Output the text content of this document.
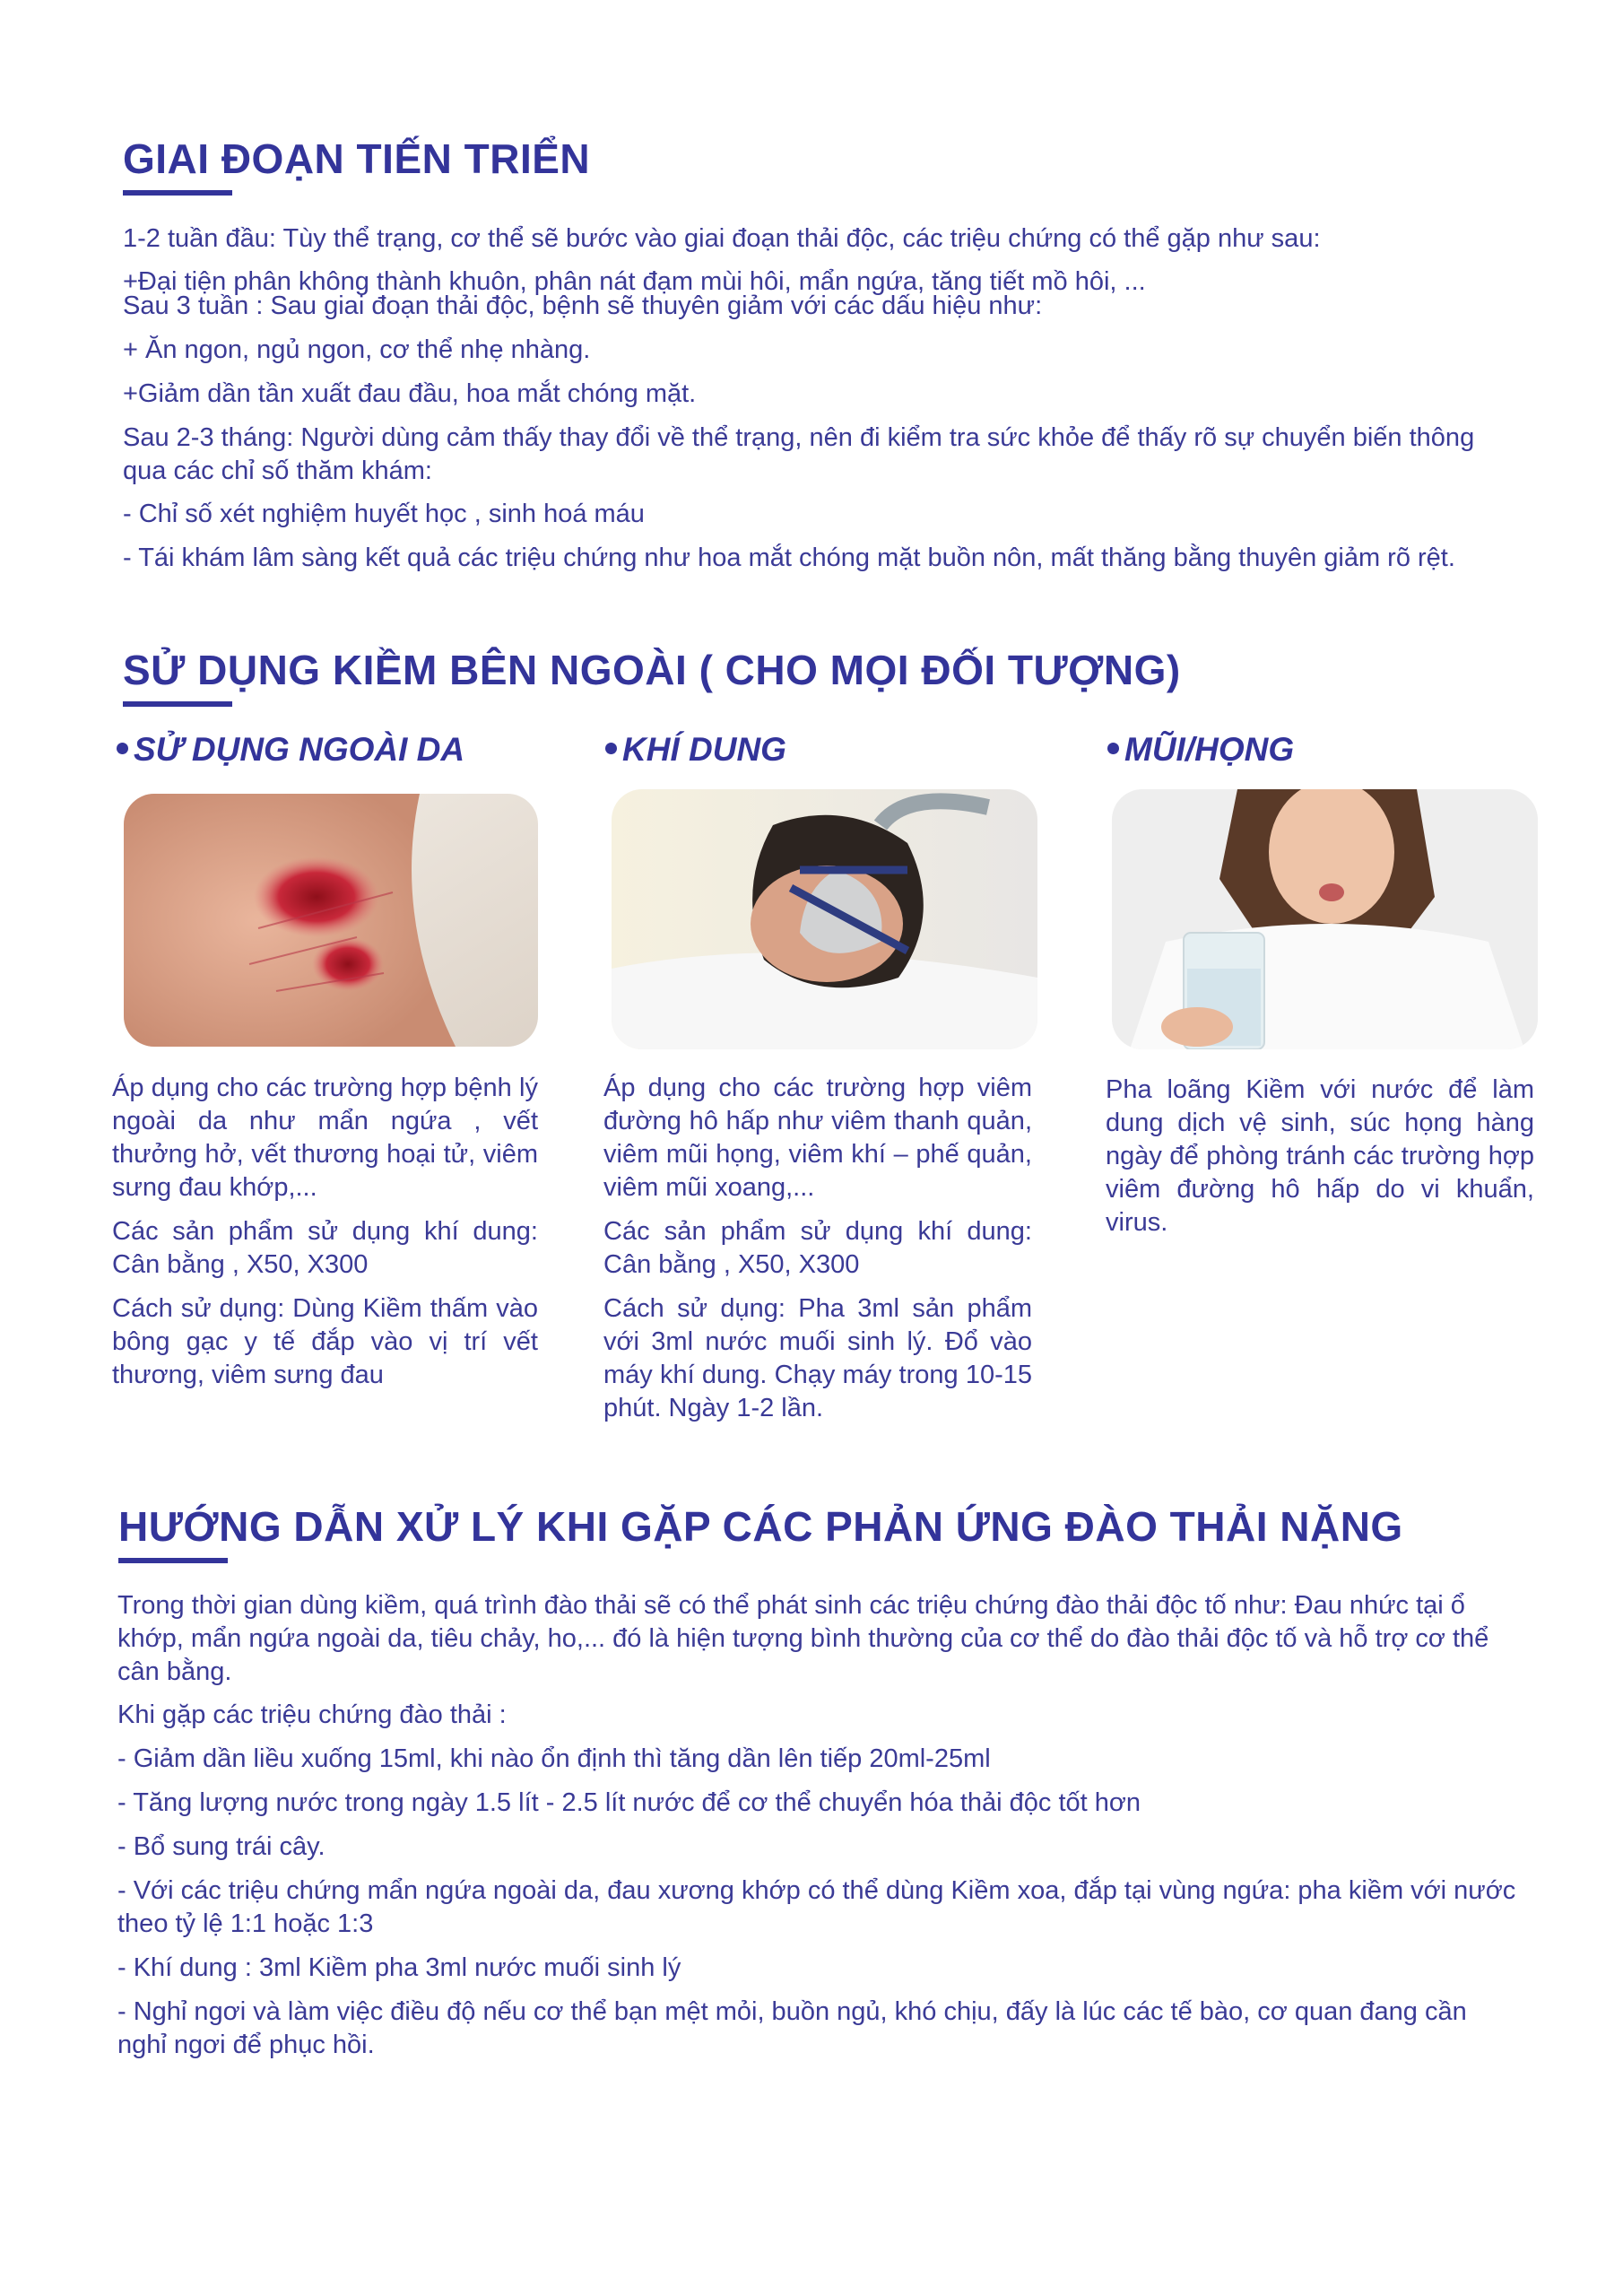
GIAI ĐOẠN TIẾN TRIỂN

1-2 tuần đầu: Tùy thể trạng, cơ thể sẽ bước vào giai đoạn thải độc, các triệu chứng có thể gặp như sau:

+Đại tiện phân không thành khuôn, phân nát đạm mùi hôi, mẩn ngứa, tăng tiết mồ hôi, ...

Sau 3 tuần : Sau giai đoạn thải độc, bệnh sẽ thuyên giảm với các dấu hiệu như:

+ Ăn ngon, ngủ ngon, cơ thể nhẹ nhàng.

+Giảm dần tần xuất đau đầu, hoa mắt chóng mặt.

Sau 2-3 tháng: Người dùng cảm thấy thay đổi về thể trạng, nên đi kiểm tra sức khỏe để thấy rõ sự chuyển biến thông qua các chỉ số thăm khám:

- Chỉ số xét nghiệm huyết học , sinh hoá máu

- Tái khám lâm sàng kết quả các triệu chứng như hoa mắt chóng mặt buồn nôn, mất thăng bằng thuyên giảm rõ rệt.

SỬ DỤNG KIỀM BÊN NGOÀI ( CHO MỌI ĐỐI TƯỢNG)
SỬ DỤNG NGOÀI DA

Áp dụng cho các trường hợp bệnh lý ngoài da như mẩn ngứa , vết thưởng hở, vết thương hoại tử, viêm sưng đau khớp,...

Các sản phẩm sử dụng khí dung: Cân bằng , X50, X300

Cách sử dụng: Dùng Kiềm thấm vào bông gạc y tế đắp vào vị trí vết thương, viêm sưng đau

KHÍ DUNG

Áp dụng cho các trường hợp viêm đường hô hấp như viêm thanh quản, viêm mũi họng, viêm khí – phế quản, viêm mũi xoang,...

Các sản phẩm sử dụng khí dung: Cân bằng , X50, X300

Cách sử dụng: Pha 3ml sản phẩm với 3ml nước muối sinh lý. Đổ vào máy khí dung. Chạy máy trong 10-15 phút. Ngày 1-2 lần.

MŨI/HỌNG

Pha loãng Kiềm với nước để làm dung dịch vệ sinh, súc họng hàng ngày để phòng tránh các trường hợp viêm đường hô hấp do vi khuẩn, virus.

HƯỚNG DẪN XỬ LÝ KHI GẶP CÁC PHẢN ỨNG ĐÀO THẢI NẶNG

Trong thời gian dùng kiềm, quá trình đào thải sẽ có thể phát sinh các triệu chứng đào thải độc tố như: Đau nhức tại ổ khớp, mẩn ngứa ngoài da, tiêu chảy, ho,... đó là hiện tượng bình thường của cơ thể do đào thải độc tố và hỗ trợ cơ thể cân bằng.

Khi gặp các triệu chứng đào thải :

- Giảm dần liều xuống 15ml, khi nào ổn định thì tăng dần lên tiếp 20ml-25ml

- Tăng lượng nước trong ngày 1.5 lít - 2.5 lít nước để cơ thể chuyển hóa thải độc tốt hơn

- Bổ sung trái cây.

- Với các triệu chứng mẩn ngứa ngoài da, đau xương khớp có thể dùng Kiềm xoa, đắp tại vùng ngứa: pha kiềm với nước theo tỷ lệ 1:1 hoặc 1:3

- Khí dung : 3ml Kiềm pha 3ml nước muối sinh lý

- Nghỉ ngơi và làm việc điều độ nếu cơ thể bạn mệt mỏi, buồn ngủ, khó chịu, đấy là lúc các tế bào, cơ quan đang cần nghỉ ngơi để phục hồi.
